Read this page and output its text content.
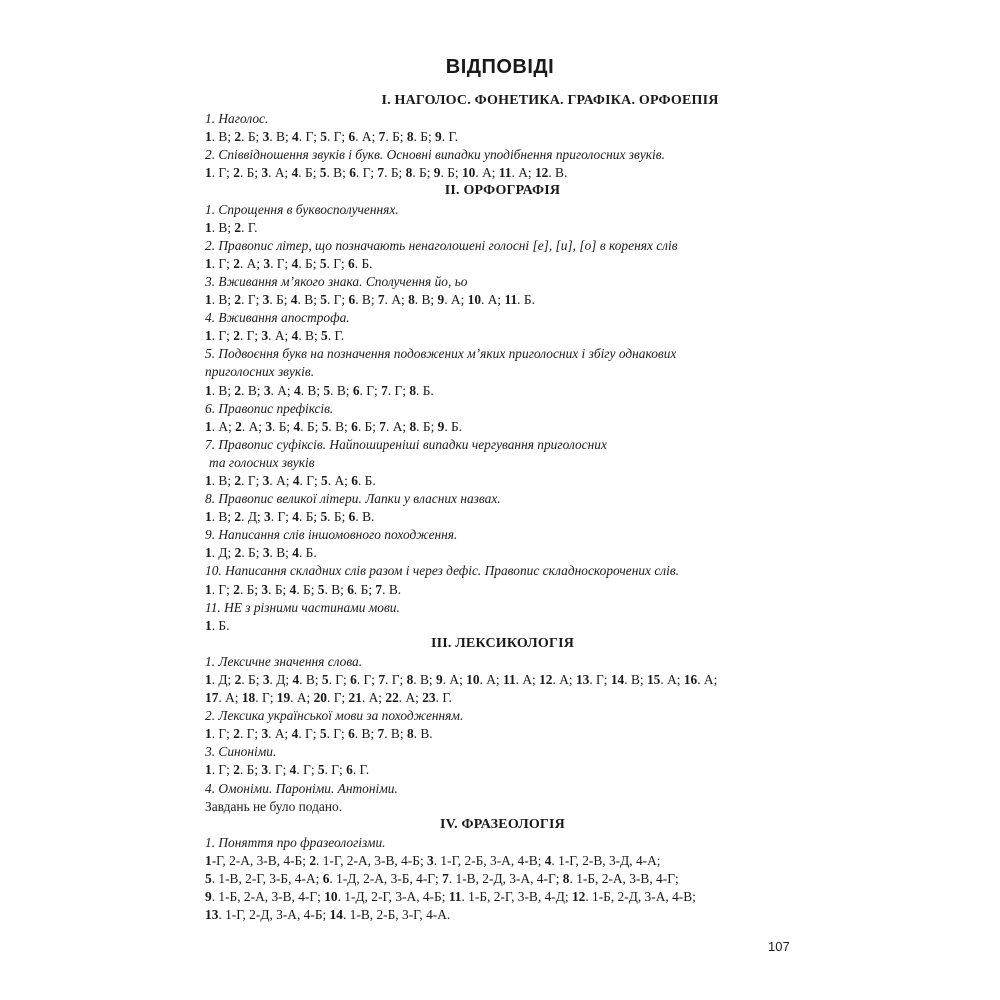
ВІДПОВІДІ
I. НАГОЛОС. ФОНЕТИКА. ГРАФІКА. ОРФОЕПІЯ
1. Наголос.
1. В; 2. Б; 3. В; 4. Г; 5. Г; 6. А; 7. Б; 8. Б; 9. Г.
2. Співвідношення звуків і букв. Основні випадки уподібнення приголосних звуків.
1. Г; 2. Б; 3. А; 4. Б; 5. В; 6. Г; 7. Б; 8. Б; 9. Б; 10. А; 11. А; 12. В.
II. ОРФОГРАФІЯ
1. Спрощення в буквосполученнях.
1. В; 2. Г.
2. Правопис літер, що позначають ненаголошені голосні [е], [и], [о] в коренях слів
1. Г; 2. А; 3. Г; 4. Б; 5. Г; 6. Б.
3. Вживання м’якого знака. Сполучення йо, ьо
1. В; 2. Г; 3. Б; 4. В; 5. Г; 6. В; 7. А; 8. В; 9. А; 10. А; 11. Б.
4. Вживання апострофа.
1. Г; 2. Г; 3. А; 4. В; 5. Г.
5. Подвоєння букв на позначення подовжених м’яких приголосних і збігу однакових
приголосних звуків.
1. В; 2. В; 3. А; 4. В; 5. В; 6. Г; 7. Г; 8. Б.
6. Правопис префіксів.
1. А; 2. А; 3. Б; 4. Б; 5. В; 6. Б; 7. А; 8. Б; 9. Б.
7. Правопис суфіксів. Найпоширеніші випадки чергування приголосних
та голосних звуків
1. В; 2. Г; 3. А; 4. Г; 5. А; 6. Б.
8. Правопис великої літери. Лапки у власних назвах.
1. В; 2. Д; 3. Г; 4. Б; 5. Б; 6. В.
9. Написання слів іншомовного походження.
1. Д; 2. Б; 3. В; 4. Б.
10. Написання складних слів разом і через дефіс. Правопис складноскорочених слів.
1. Г; 2. Б; 3. Б; 4. Б; 5. В; 6. Б; 7. В.
11. НЕ з різними частинами мови.
1. Б.
III. ЛЕКСИКОЛОГІЯ
1. Лексичне значення слова.
1. Д; 2. Б; 3. Д; 4. В; 5. Г; 6. Г; 7. Г; 8. В; 9. А; 10. А; 11. А; 12. А; 13. Г; 14. В; 15. А; 16. А;
17. А; 18. Г; 19. А; 20. Г; 21. А; 22. А; 23. Г.
2. Лексика української мови за походженням.
1. Г; 2. Г; 3. А; 4. Г; 5. Г; 6. В; 7. В; 8. В.
3. Синоніми.
1. Г; 2. Б; 3. Г; 4. Г; 5. Г; 6. Г.
4. Омоніми. Пароніми. Антоніми.
Завдань не було подано.
IV. ФРАЗЕОЛОГІЯ
1. Поняття про фразеологізми.
1-Г, 2-А, 3-В, 4-Б; 2. 1-Г, 2-А, 3-В, 4-Б; 3. 1-Г, 2-Б, 3-А, 4-В; 4. 1-Г, 2-В, 3-Д, 4-А;
5. 1-В, 2-Г, 3-Б, 4-А; 6. 1-Д, 2-А, 3-Б, 4-Г; 7. 1-В, 2-Д, 3-А, 4-Г; 8. 1-Б, 2-А, 3-В, 4-Г;
9. 1-Б, 2-А, 3-В, 4-Г; 10. 1-Д, 2-Г, 3-А, 4-Б; 11. 1-Б, 2-Г, 3-В, 4-Д; 12. 1-Б, 2-Д, 3-А, 4-В;
13. 1-Г, 2-Д, 3-А, 4-Б; 14. 1-В, 2-Б, 3-Г, 4-А.
107
